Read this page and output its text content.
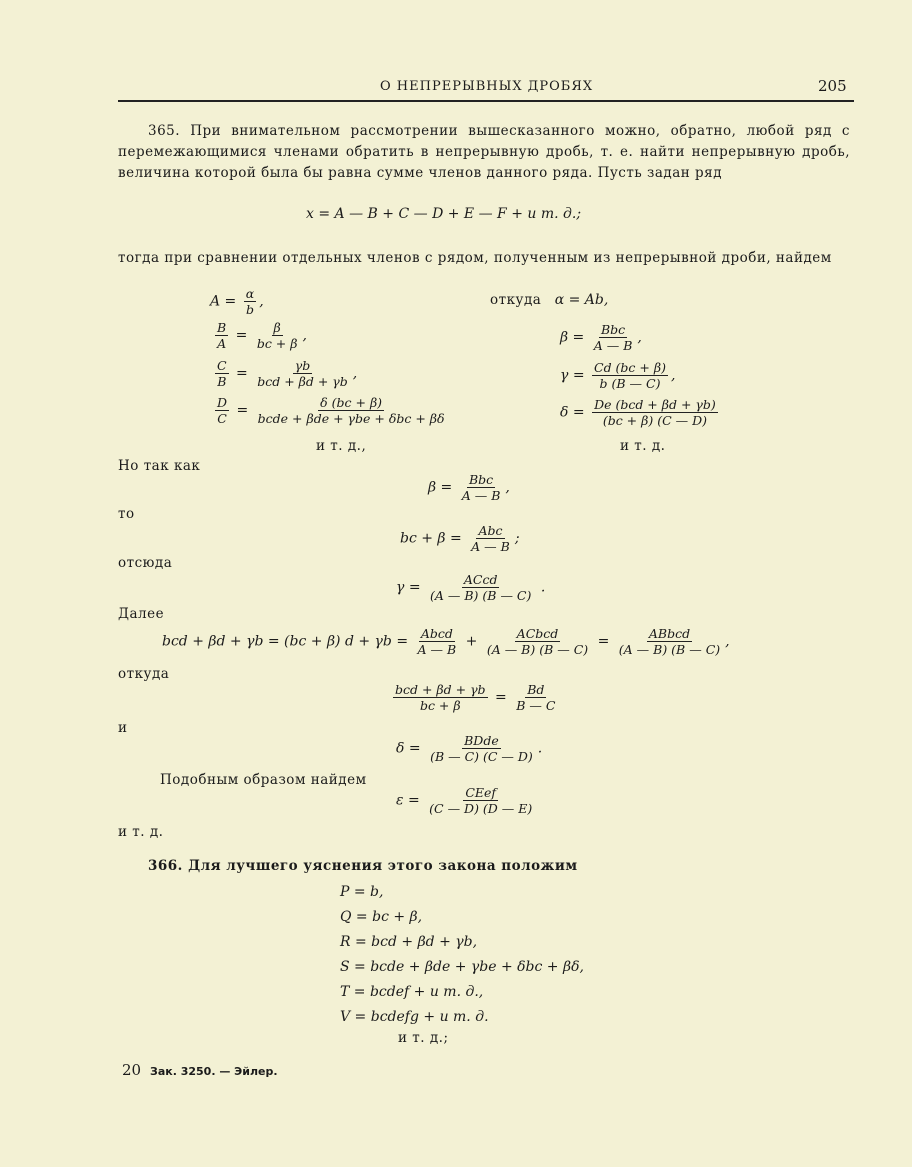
О НЕПРЕРЫВНЫХ ДРОБЯХ	205
365. При внимательном рассмотрении вышесказанного можно, обратно, любой ряд с перемежающимися членами обратить в непрерывную дробь, т. е. найти непрерывную дробь, величина которой была бы равна сумме членов данного ряда. Пусть задан ряд
x = A — B + C — D + E — F + и т. д.;
тогда при сравнении отдельных членов с рядом, полученным из непрерывной дроби, найдем
$A = \frac{\alpha}{b}$ ,
$\frac{B}{A} = \frac{\beta}{bc + \beta}$ ,
$\frac{C}{B} = \frac{\gamma b}{\text{bcd + βd + γb}}$ ,
$\frac{D}{C} = \frac{\delta (bc + \beta)}{\text{bcde + βde + γbe + δbc + βδ}}$
и т. д.,
откуда α = Ab,
$\beta = \frac{\text{Bbc}}{A — B}$ ,
$\gamma = \frac{Cd (bc + \beta)}{b (B — C)}$ ,
$\delta = \frac{\text{De (bcd + βd + γb)}}{(bc + \beta) (C — D)}$
и т. д.
Но так как
$\beta = \frac{\text{Bbc}}{A — B}$ ,
то
bc + $\beta = \frac{\text{Abc}}{A — B}$ ;
отсюда
$\gamma = \frac{\text{ACcd}}{(A — B) (B — C)}$ .
Далее
bcd + βd + γb = (bc + β) $d + \gamma b = \frac{\text{Abcd}}{A — B} + \frac{\text{ACbcd}}{(A — B) (B — C)} = \frac{\text{ABbcd}}{(A — B) (B — C)}$ ,
откуда
$\frac{\text{bcd + βd + γb}}{bc + \beta} = \frac{Bd}{B — C}$
и
$\delta = \frac{\text{BDde}}{(B — C) (C — D)}$ .
Подобным образом найдем
$\varepsilon = \frac{\text{CEef}}{(C — D) (D — E)}$
и т. д.
366. Для лучшего уяснения этого закона положим
P = b,
Q = bc + β,
R = bcd + βd + γb,
S = bcde + βde + γbe + δbc + βδ,
T = bcdef + и т. д.,
V = bcdefg + и т. д.
и т. д.;
20 Зак. 3250. — Эйлер.
